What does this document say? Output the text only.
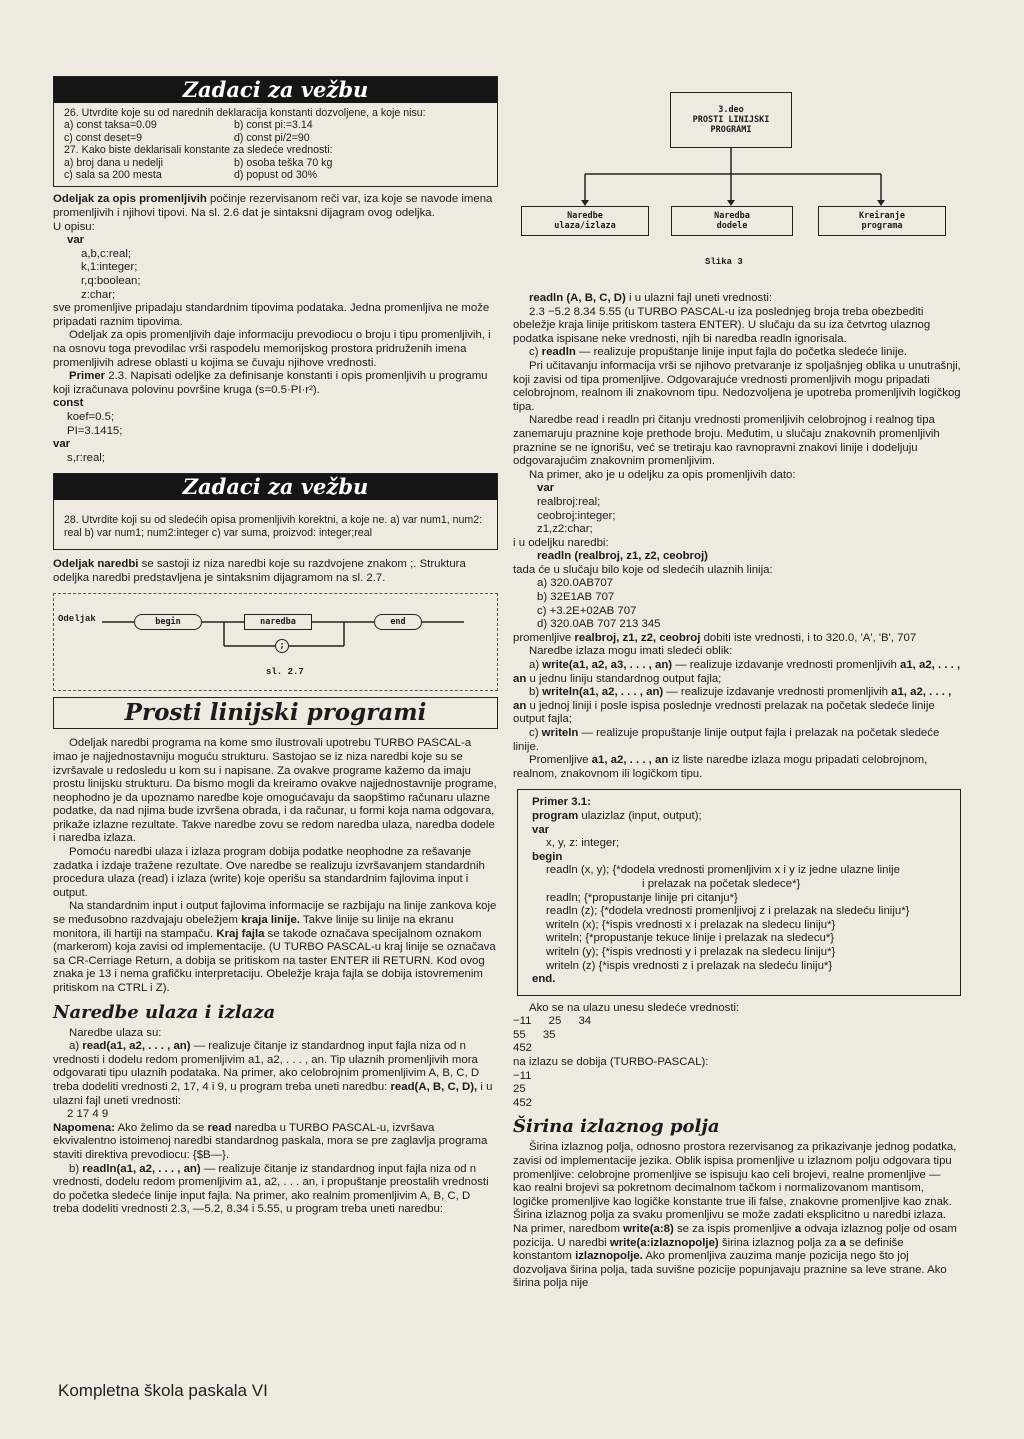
Zadaci za vežbu

26. Utvrdite koje su od narednih deklaracija konstanti dozvoljene, a koje nisu:

a) const taksa=0.09	b) const pi:=3.14
c) const deset=9	d) const pi/2=90

27. Kako biste deklarisali konstante za sledeće vrednosti:

a) broj dana u nedelji	b) osoba teška 70 kg
c) sala sa 200 mesta	d) popust od 30%

Odeljak za opis promenljivih počinje rezervisanom reči var, iza koje se navode imena promenljivih i njihovi tipovi. Na sl. 2.6 dat je sintaksni dijagram ovog odeljka.

U opisu:

var

a,b,c:real;

k,1:integer;

r,q:boolean;

z:char;

sve promenljive pripadaju standardnim tipovima podataka. Jedna promenljiva ne može pripadati raznim tipovima.

Odeljak za opis promenljivih daje informaciju prevodiocu o broju i tipu promenljivih, i na osnovu toga prevodilac vrši raspodelu memorijskog prostora pridruženih imena promenljivih adrese oblasti u kojima se čuvaju njihove vrednosti.

Primer 2.3. Napisati odeljke za definisanje konstanti i opis promenljivih u programu koji izračunava polovinu površine kruga (s=0.5·PI·r²).

const

koef=0.5;

PI=3.1415;

var

s,r:real;

Zadaci za vežbu

28. Utvrdite koji su od sledećih opisa promenljivih korektni, a koje ne. a) var num1, num2: real b) var num1; num2:integer c) var suma, proizvod: integer;real

Odeljak naredbi se sastoji iz niza naredbi koje su razdvojene znakom ;. Struktura odeljka naredbi predstavljena je sintaksnim dijagramom na sl. 2.7.

Odeljak	begin	naredba	end
;
sl. 2.7
Prosti linijski programi

Odeljak naredbi programa na kome smo ilustrovali upotrebu TURBO PASCAL-a imao je najjednostavniju moguću strukturu. Sastojao se iz niza naredbi koje su se izvršavale u redosledu u kom su i napisane. Za ovakve programe kažemo da imaju prostu linijsku strukturu. Da bismo mogli da kreiramo ovakve najjednostavnije programe, neophodno je da upoznamo naredbe koje omogućavaju da saopštimo računaru ulazne podatke, da nad njima bude izvršena obrada, i da računar, u formi koja nama odgovara, prikaže izlazne rezultate. Takve naredbe zovu se redom naredba ulaza, naredba dodele i naredba izlaza.

Pomoću naredbi ulaza i izlaza program dobija podatke neophodne za rešavanje zadatka i izdaje tražene rezultate. Ove naredbe se realizuju izvršavanjem standardnih procedura ulaza (read) i izlaza (write) koje operišu sa standardnim fajlovima input i output.

Na standardnim input i output fajlovima informacije se razbijaju na linije zankova koje se međusobno razdvajaju obeležjem kraja linije. Takve linije su linije na ekranu monitora, ili hartiji na stampaču. Kraj fajla se takođe označava specijalnom oznakom (markerom) koja zavisi od implementacije. (U TURBO PASCAL-u kraj linije se označava sa CR-Cerriage Return, a dobija se pritiskom na taster ENTER ili RETURN. Kod ovog znaka je 13 i nema grafičku interpretaciju. Obeležje kraja fajla se dobija istovremenim pritiskom na CTRL i Z).

Naredbe ulaza i izlaza

Naredbe ulaza su:

a) read(a1, a2, . . . , an) — realizuje čitanje iz standardnog input fajla niza od n vrednosti i dodelu redom promenljivim a1, a2, . . . , an. Tip ulaznih promenljivih mora odgovarati tipu ulaznih podataka. Na primer, ako celobrojnim promenljivim A, B, C, D treba dodeliti vrednosti 2, 17, 4 i 9, u program treba uneti naredbu: read(A, B, C, D), i u ulazni fajl uneti vrednosti:

2 17 4 9

Napomena: Ako želimo da se read naredba u TURBO PASCAL-u, izvršava ekvivalentno istoimenoj naredbi standardnog paskala, mora se pre zaglavlja programa staviti direktiva prevodiocu: {$B—}.

b) readln(a1, a2, . . . , an) — realizuje čitanje iz standardnog input fajla niza od n vrednosti, dodelu redom promenljivim a1, a2, . . . an, i propuštanje preostalih vrednosti do početka sledeće linije input fajla. Na primer, ako realnim promenljivim A, B, C, D treba dodeliti vrednosti 2.3, —5.2, 8.34 i 5.55, u program treba uneti naredbu:

3.deo
PROSTI LINIJSKI
PROGRAMI
Naredbe
ulaza/izlaza
Naredba
dodele
Kreiranje
programa
Slika 3

readln (A, B, C, D) i u ulazni fajl uneti vrednosti:

2.3 −5.2 8.34 5.55 (u TURBO PASCAL-u iza poslednjeg broja treba obezbediti obeležje kraja linije pritiskom tastera ENTER). U slučaju da su iza četvrtog ulaznog podatka ispisane neke vrednosti, njih bi naredba readln ignorisala.

c) readln — realizuje propuštanje linije input fajla do početka sledeće linije.

Pri učitavanju informacija vrši se njihovo pretvaranje iz spoljašnjeg oblika u unutrašnji, koji zavisi od tipa promenljive. Odgovarajuće vrednosti promenljivih mogu pripadati celobrojnom, realnom ili znakovnom tipu. Nedozvoljena je upotreba promenljivih logičkog tipa.

Naredbe read i readln pri čitanju vrednosti promenljivih celobrojnog i realnog tipa zanemaruju praznine koje prethode broju. Međutim, u slučaju znakovnih promenljivih praznine se ne ignorišu, već se tretiraju kao ravnopravni znakovi linije i dodeljuju odgovarajućim znakovnim promenljivim.

Na primer, ako je u odeljku za opis promenljivih dato:

var

realbroj:real;

ceobroj:integer;

z1,z2:char;

i u odeljku naredbi:

readln (realbroj, z1, z2, ceobroj)

tada će u slučaju bilo koje od sledećih ulaznih linija:

a) 320.0AB707

b) 32E1AB 707

c) +3.2E+02AB 707

d) 320.0AB 707 213 345

promenljive realbroj, z1, z2, ceobroj dobiti iste vrednosti, i to 320.0, 'A', 'B', 707

Naredbe izlaza mogu imati sledeći oblik:

a) write(a1, a2, a3, . . . , an) — realizuje izdavanje vrednosti promenljivih a1, a2, . . . , an u jednu liniju standardnog output fajla;

b) writeln(a1, a2, . . . , an) — realizuje izdavanje vrednosti promenljivih a1, a2, . . . , an u jednoj liniji i posle ispisa poslednje vrednosti prelazak na početak sledeće linije output fajla;

c) writeln — realizuje propuštanje linije output fajla i prelazak na početak sledeće linije.

Promenljive a1, a2, . . . , an iz liste naredbe izlaza mogu pripadati celobrojnom, realnom, znakovnom ili logičkom tipu.

Primer 3.1:

program ulazizlaz (input, output);

var

x, y, z: integer;

begin

readln (x, y); {*dodela vrednosti promenljivim x i y iz jedne ulazne linije

i prelazak na početak sledece*}

readln; {*propustanje linije pri citanju*}

readln (z); {*dodela vrednosti promenljivoj z i prelazak na sledeću liniju*}

writeln (x); {*ispis vrednosti x i prelazak na sledecu liniju*}

writeln; {*propustanje tekuce linije i prelazak na sledecu*}

writeln (y); {*ispis vrednosti y i prelazak na sledecu liniju*}

writeln (z) {*ispis vrednosti z i prelazak na sledeću liniju*}

end.

Ako se na ulazu unesu sledeće vrednosti:

−11 25 34

55 35

452

na izlazu se dobija (TURBO-PASCAL):

−11

25

452

Širina izlaznog polja

Širina izlaznog polja, odnosno prostora rezervisanog za prikazivanje jednog podatka, zavisi od implementacije jezika. Oblik ispisa promenljive u izlaznom polju odgovara tipu promenljive: celobrojne promenljive se ispisuju kao celi brojevi, realne promenljive — kao realni brojevi sa pokretnom decimalnom tačkom i normalizovanom mantisom, logičke promenljive kao logičke konstante true ili false, znakovne promenljive kao znak. Širina izlaznog polja za svaku promenljivu se može zadati eksplicitno u naredbi izlaza. Na primer, naredbom write(a:8) se za ispis promenljive a odvaja izlaznog polje od osam pozicija. U naredbi write(a:izlaznopolje) širina izlaznog polja za a se definiše konstantom izlaznopolje. Ako promenljiva zauzima manje pozicija nego što joj dozvoljava širina polja, tada suvišne pozicije popunjavaju praznine sa leve strane. Ako širina polja nije

Kompletna škola paskala VI
